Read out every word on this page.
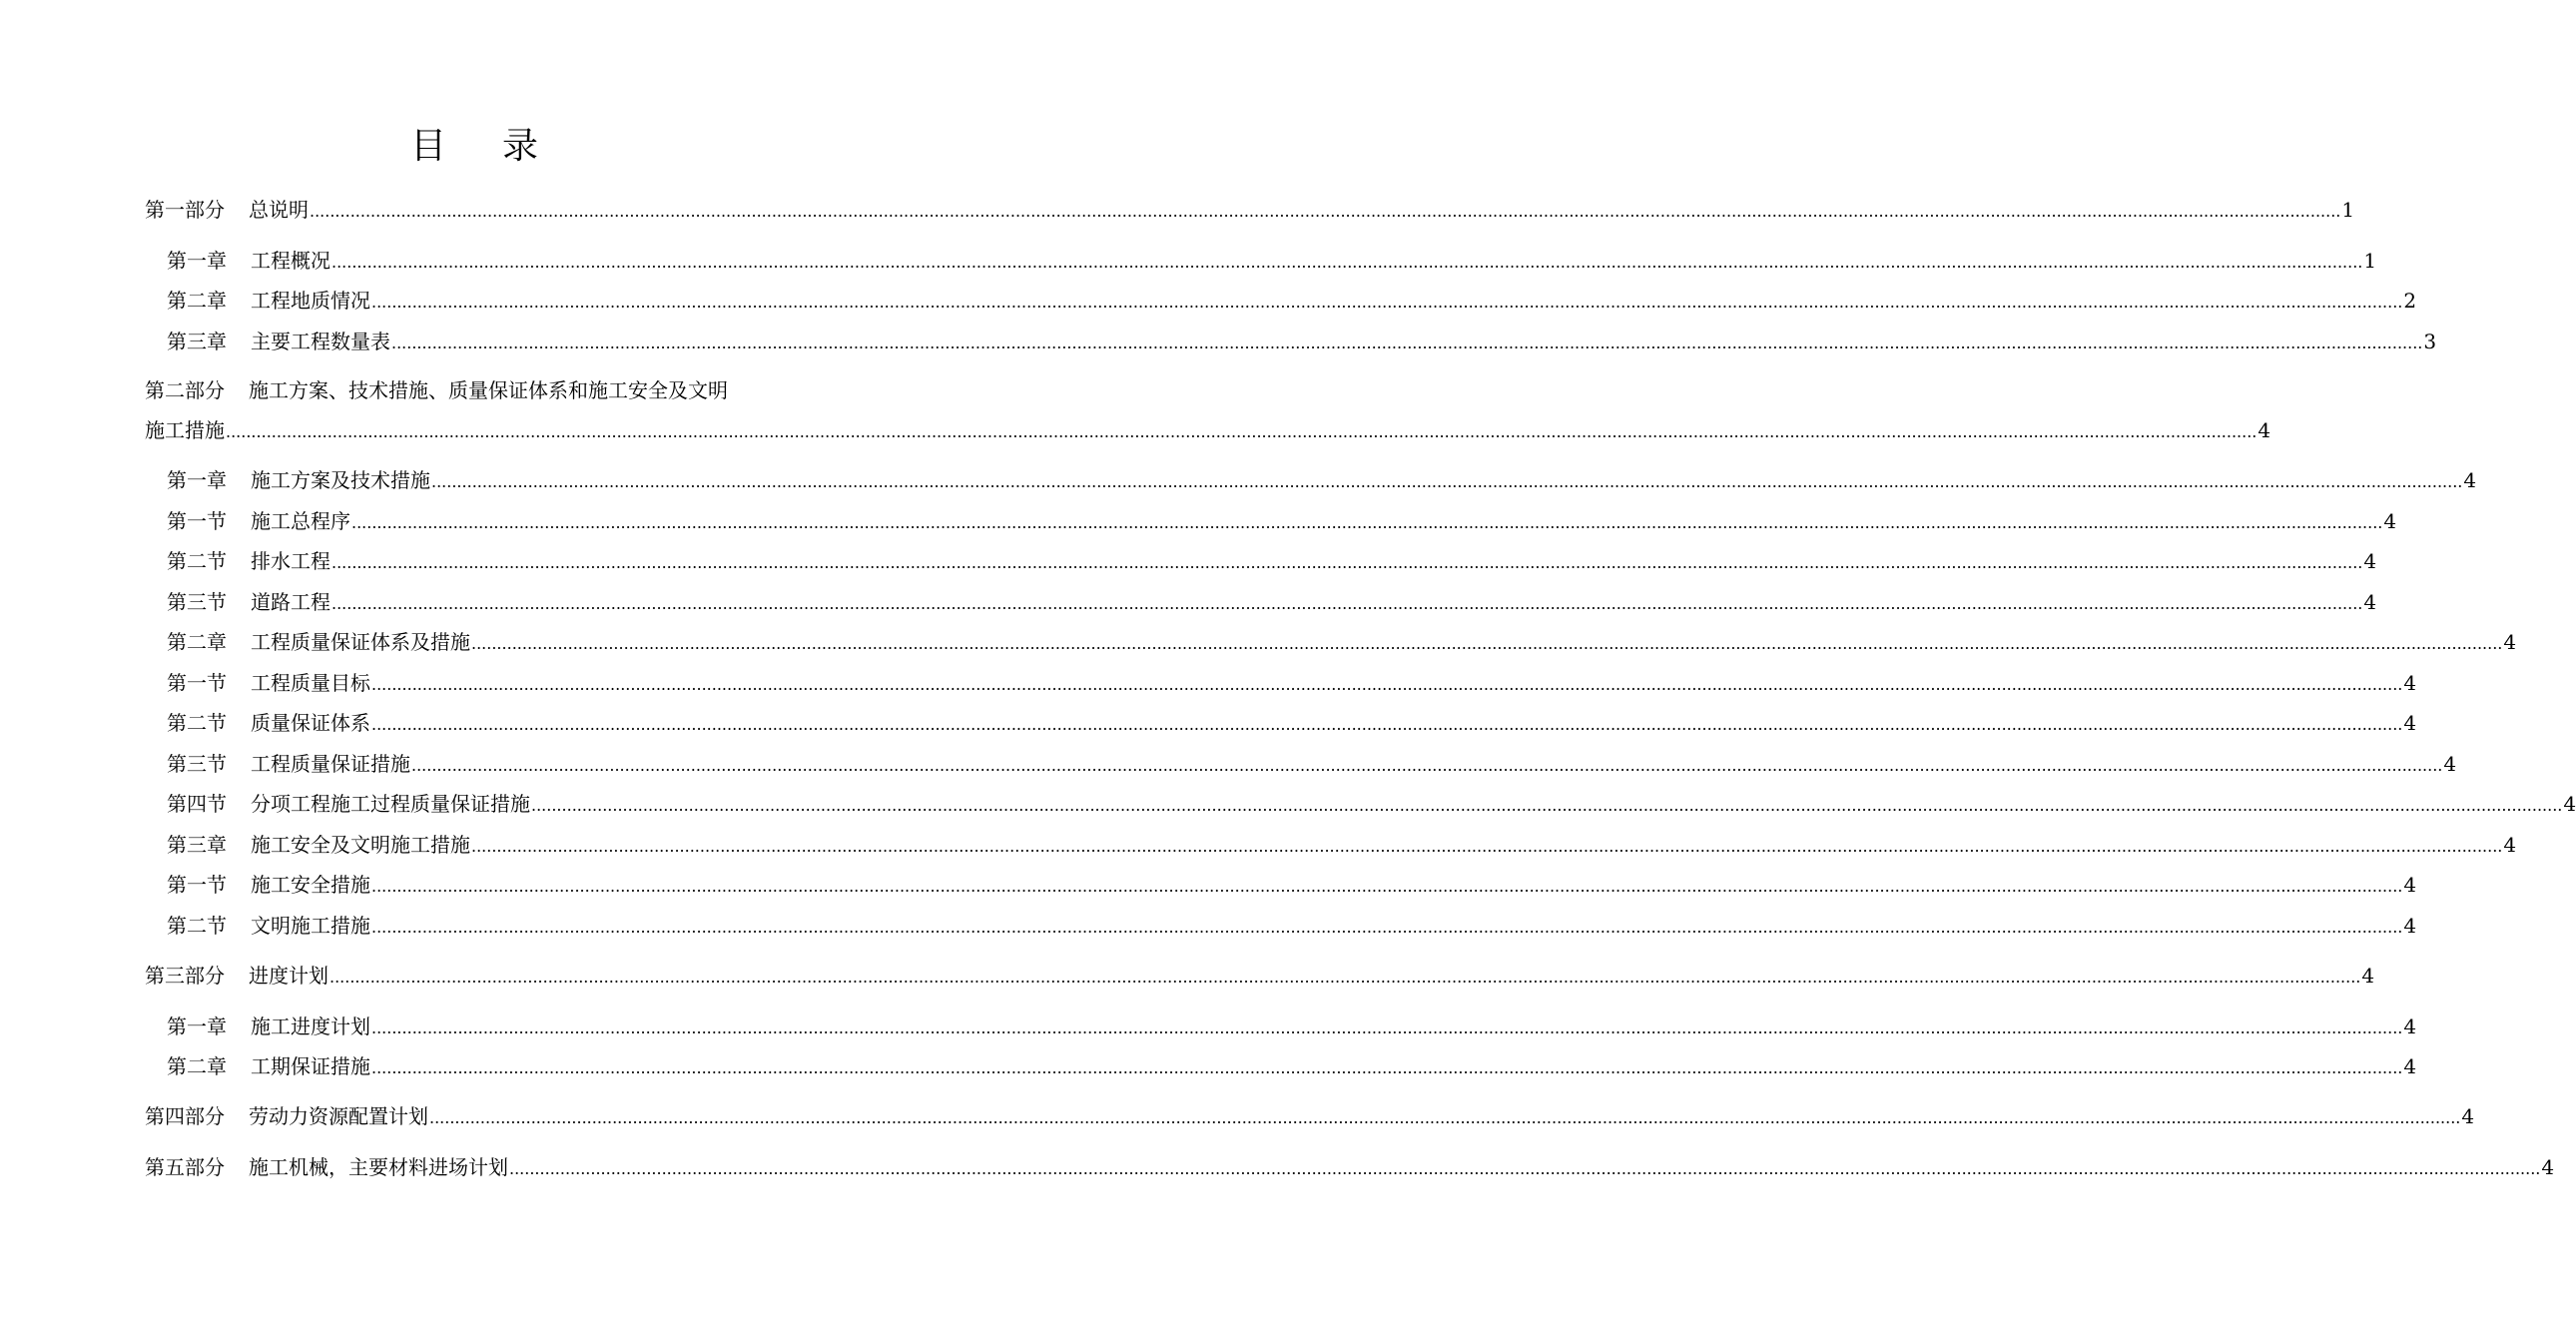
目 录
第一部分 总说明 ................................................................................................................................................................................................................................................................................................................................................................................................................ 1
第一章 工程概况 ................................................................................................................................................................................................................................................................................................................................................................................................................ 1
第二章 工程地质情况 ................................................................................................................................................................................................................................................................................................................................................................................................................ 2
第三章 主要工程数量表 ................................................................................................................................................................................................................................................................................................................................................................................................................ 3
第二部分 施工方案、技术措施、质量保证体系和施工安全及文明
施工措施 ................................................................................................................................................................................................................................................................................................................................................................................................................ 4
第一章 施工方案及技术措施 ................................................................................................................................................................................................................................................................................................................................................................................................................ 4
第一节 施工总程序 ................................................................................................................................................................................................................................................................................................................................................................................................................ 4
第二节 排水工程 ................................................................................................................................................................................................................................................................................................................................................................................................................ 4
第三节 道路工程 ................................................................................................................................................................................................................................................................................................................................................................................................................ 4
第二章 工程质量保证体系及措施 ................................................................................................................................................................................................................................................................................................................................................................................................................ 4
第一节 工程质量目标 ................................................................................................................................................................................................................................................................................................................................................................................................................ 4
第二节 质量保证体系 ................................................................................................................................................................................................................................................................................................................................................................................................................ 4
第三节 工程质量保证措施 ................................................................................................................................................................................................................................................................................................................................................................................................................ 4
第四节 分项工程施工过程质量保证措施 ................................................................................................................................................................................................................................................................................................................................................................................................................ 4
第三章 施工安全及文明施工措施 ................................................................................................................................................................................................................................................................................................................................................................................................................ 4
第一节 施工安全措施 ................................................................................................................................................................................................................................................................................................................................................................................................................ 4
第二节 文明施工措施 ................................................................................................................................................................................................................................................................................................................................................................................................................ 4
第三部分 进度计划 ................................................................................................................................................................................................................................................................................................................................................................................................................ 4
第一章 施工进度计划 ................................................................................................................................................................................................................................................................................................................................................................................................................ 4
第二章 工期保证措施 ................................................................................................................................................................................................................................................................................................................................................................................................................ 4
第四部分 劳动力资源配置计划 ................................................................................................................................................................................................................................................................................................................................................................................................................ 4
第五部分 施工机械，主要材料进场计划 ................................................................................................................................................................................................................................................................................................................................................................................................................ 4
